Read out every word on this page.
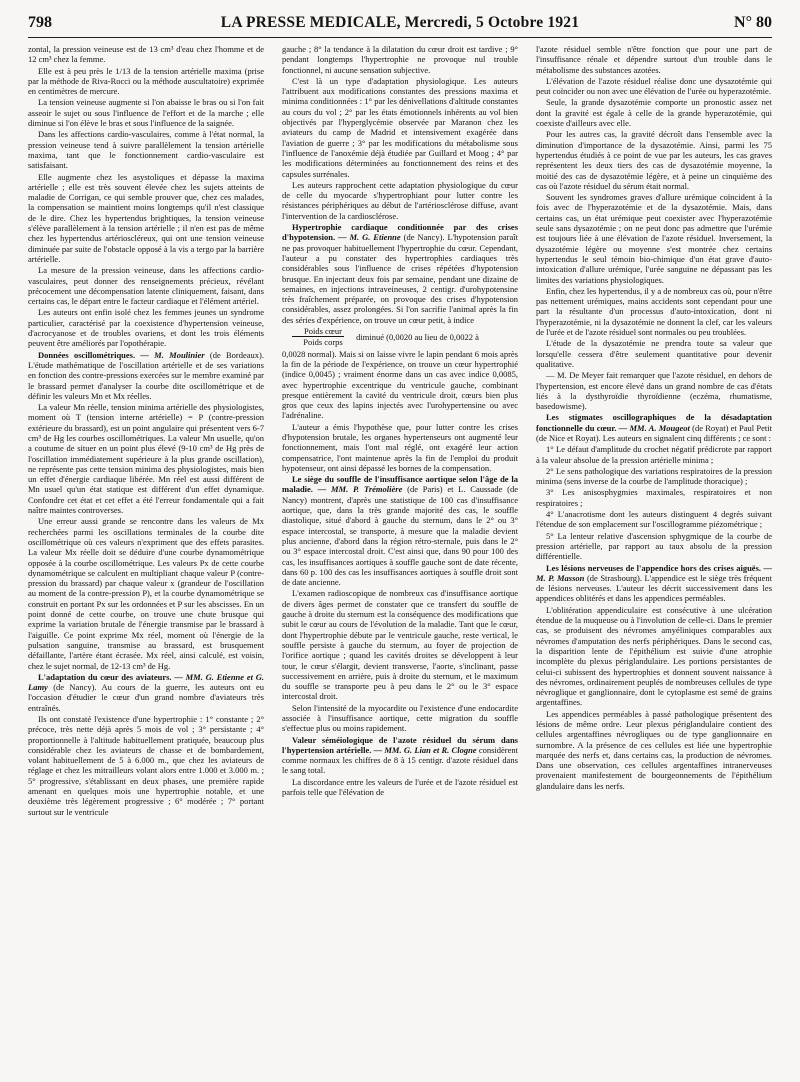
LA PRESSE MEDICALE, Mercredi, 5 Octobre 1921
798	N° 80

zontal, la pression veineuse est de 13 cm³ d'eau chez l'homme et de 12 cm³ chez la femme.

Elle est à peu près le 1/13 de la tension artérielle maxima (prise par la méthode de Riva-Rocci ou la méthode auscultatoire) exprimée en centimètres de mercure.

La tension veineuse augmente si l'on abaisse le bras ou si l'on fait asseoir le sujet ou sous l'influence de l'effort et de la marche ; elle diminue si l'on élève le bras et sous l'influence de la saignée.

Dans les affections cardio-vasculaires, comme à l'état normal, la pression veineuse tend à suivre parallèlement la tension artérielle maxima, tant que le fonctionnement cardio-vasculaire est satisfaisant.

Elle augmente chez les asystoliques et dépasse la maxima artérielle ; elle est très souvent élevée chez les sujets atteints de maladie de Corrigan, ce qui semble prouver que, chez ces malades, la compensation se maintient moins longtemps qu'il n'est classique de le dire. Chez les hypertendus brightiques, la tension veineuse s'élève parallèlement à la tension artérielle ; il n'en est pas de même chez les hypertendus artérioscléreux, qui ont une tension veineuse diminuée par suite de l'obstacle opposé à la vis a tergo par la barrière artérielle.

La mesure de la pression veineuse, dans les affections cardio-vasculaires, peut donner des renseignements précieux, révélant précocement une décompensation latente cliniquement, faisant, dans certains cas, le départ entre le facteur cardiaque et l'élément artériel.

Les auteurs ont enfin isolé chez les femmes jeunes un syndrome particulier, caractérisé par la coexistence d'hypertension veineuse, d'acrocyanose et de troubles ovariens, et dont les trois éléments peuvent être améliorés par l'opothérapie.

Données oscillométriques. — M. Moulinier (de Bordeaux). L'étude mathématique de l'oscillation artérielle et de ses variations en fonction des contre-pressions exercées sur le membre examiné par le brassard permet d'analyser la courbe dite oscillométrique et de définir les valeurs Mn et Mx réelles.

La valeur Mn réelle, tension minima artérielle des physiologistes, moment où T (tension interne artérielle) = P (contre-pression extérieure du brassard), est un point angulaire qui présentent vers 6-7 cm³ de Hg les courbes oscillométriques. La valeur Mn usuelle, qu'on a coutume de situer en un point plus élevé (9-10 cm³ de Hg près de l'oscillation immédiatement supérieure à la plus grande oscillation), ne représente pas cette tension minima des physiologistes, mais bien un effet d'énergie cardiaque libérée. Mn réel est aussi différent de Mn usuel qu'un état statique est différent d'un effet dynamique. Confondre cet état et cet effet a été l'erreur fondamentale qui a fait naître maintes controverses.

Une erreur aussi grande se rencontre dans les valeurs de Mx recherchées parmi les oscillations terminales de la courbe dite oscillométrique où ces valeurs n'expriment que des effets parasites. La valeur Mx réelle doit se déduire d'une courbe dynamométrique opposée à la courbe oscillométrique. Les valeurs Px de cette courbe dynamométrique se calculent en multipliant chaque valeur P (contre-pression du brassard) par chaque valeur x (grandeur de l'oscillation au moment de la contre-pression P), et la courbe dynamométrique se construit en portant Px sur les ordonnées et P sur les abscisses. En un point donné de cette courbe, on trouve une chute brusque qui exprime la variation brutale de l'énergie transmise par le brassard à l'aiguille. Ce point exprime Mx réel, moment où l'énergie de la pulsation sanguine, transmise au brassard, est brusquement défaillante, l'artère étant écrasée. Mx réel, ainsi calculé, est voisin, chez le sujet normal, de 12-13 cm³ de Hg.

L'adaptation du cœur des aviateurs. — MM. G. Etienne et G. Lamy (de Nancy). Au cours de la guerre, les auteurs ont eu l'occasion d'étudier le cœur d'un grand nombre d'aviateurs très entraînés.

Ils ont constaté l'existence d'une hypertrophie : 1° constante ; 2° précoce, très nette déjà après 5 mois de vol ; 3° persistante ; 4° proportionnelle à l'altitude habituellement pratiquée, beaucoup plus considérable chez les aviateurs de chasse et de bombardement, volant habituellement de 5 à 6.000 m., que chez les aviateurs de réglage et chez les mitrailleurs volant alors entre 1.000 et 3.000 m. ; 5° progressive, s'établissant en deux phases, une première rapide amenant en quelques mois une hypertrophie notable, et une deuxième très légèrement progressive ; 6° modérée ; 7° portant surtout sur le ventricule

gauche ; 8° la tendance à la dilatation du cœur droit est tardive ; 9° pendant longtemps l'hypertrophie ne provoque nul trouble fonctionnel, ni aucune sensation subjective.

C'est là un type d'adaptation physiologique. Les auteurs l'attribuent aux modifications constantes des pressions maxima et minima conditionnées : 1° par les dénivellations d'altitude constantes au cours du vol ; 2° par les états émotionnels inhérents au vol bien objectivés par l'hyperglycémie observée par Maranon chez les aviateurs du camp de Madrid et intensivement exagérée dans l'aviation de guerre ; 3° par les modifications du métabolisme sous l'influence de l'anoxémie déjà étudiée par Guillard et Moog ; 4° par les modifications déterminées au fonctionnement des reins et des capsules surrénales.

Les auteurs rapprochent cette adaptation physiologique du cœur de celle du myocarde s'hypertrophiant pour lutter contre les résistances périphériques au début de l'artériosclérose diffuse, avant l'intervention de la cardiosclérose.

Hypertrophie cardiaque conditionnée par des crises d'hypotension. — M. G. Etienne (de Nancy). L'hypotension paraît ne pas provoquer habituellement l'hypertrophie du cœur. Cependant, l'auteur a pu constater des hypertrophies cardiaques très considérables sous l'influence de crises répétées d'hypotension brusque. En injectant deux fois par semaine, pendant une dizaine de semaines, en injections intraveineuses, 2 centigr. d'urohypotensine très fraîchement préparée, on provoque des crises d'hypotension considérables, assez prolongées. Si l'on sacrifie l'animal après la fin des séries d'expérience, on trouve un cœur petit, à indice

Poids cœur
Poids corps
diminué (0,0020 au lieu de 0,0022 à

0,0028 normal). Mais si on laisse vivre le lapin pendant 6 mois après la fin de la période de l'expérience, on trouve un cœur hypertrophié (indice 0,0045) ; vraiment énorme dans un cas avec indice 0,0085, avec hypertrophie excentrique du ventricule gauche, combinant presque entièrement la cavité du ventricule droit, cœurs bien plus gros que ceux des lapins injectés avec l'urohypertensine ou avec l'adrénaline.

L'auteur a émis l'hypothèse que, pour lutter contre les crises d'hypotension brutale, les organes hypertenseurs ont augmenté leur fonctionnement, mais l'ont mal réglé, ont exagéré leur action compensatrice, l'ont maintenue après la fin de l'emploi du produit hypotenseur, ont ainsi dépassé les bornes de la compensation.

Le siège du souffle de l'insuffisance aortique selon l'âge de la maladie. — MM. P. Trémolière (de Paris) et L. Caussade (de Nancy) montrent, d'après une statistique de 100 cas d'insuffisance aortique, que, dans la très grande majorité des cas, le souffle diastolique, situé d'abord à gauche du sternum, dans le 2° ou 3° espace intercostal, se transporte, à mesure que la maladie devient plus ancienne, d'abord dans la région rétro-sternale, puis dans le 2° ou 3° espace intercostal droit. C'est ainsi que, dans 90 pour 100 des cas, les insuffisances aortiques à souffle gauche sont de date récente, dans 60 p. 100 des cas les insuffisances aortiques à souffle droit sont de date ancienne.

L'examen radioscopique de nombreux cas d'insuffisance aortique de divers âges permet de constater que ce transfert du souffle de gauche à droite du sternum est la conséquence des modifications que subit le cœur au cours de l'évolution de la maladie. Tant que le cœur, dont l'hypertrophie débute par le ventricule gauche, reste vertical, le souffle persiste à gauche du sternum, au foyer de projection de l'orifice aortique ; quand les cavités droites se développent à leur tour, le cœur s'élargit, devient transverse, l'aorte, s'inclinant, passe successivement en arrière, puis à droite du sternum, et le maximum du souffle se transporte peu à peu dans le 2° ou le 3° espace intercostal droit.

Selon l'intensité de la myocardite ou l'existence d'une endocardite associée à l'insuffisance aortique, cette migration du souffle s'effectue plus ou moins rapidement.

Valeur séméiologique de l'azote résiduel du sérum dans l'hypertension artérielle. — MM. G. Lian et R. Clogne considèrent comme normaux les chiffres de 8 à 15 centigr. d'azote résiduel dans le sang total.

La discordance entre les valeurs de l'urée et de l'azote résiduel est parfois telle que l'élévation de

l'azote résiduel semble n'être fonction que pour une part de l'insuffisance rénale et dépendre surtout d'un trouble dans le métabolisme des substances azotées.

L'élévation de l'azote résiduel réalise donc une dysazotémie qui peut coïncider ou non avec une élévation de l'urée ou hyperazotémie.

Seule, la grande dysazotémie comporte un pronostic assez net dont la gravité est égale à celle de la grande hyperazotémie, qui coexiste d'ailleurs avec elle.

Pour les autres cas, la gravité décroît dans l'ensemble avec la diminution d'importance de la dysazotémie. Ainsi, parmi les 75 hypertendus étudiés à ce point de vue par les auteurs, les cas graves représentent les deux tiers des cas de dysazotémie moyenne, la moitié des cas de dysazotémie légère, et à peine un cinquième des cas où l'azote résiduel du sérum était normal.

Souvent les syndromes graves d'allure urémique coïncident à la fois avec de l'hyperazotémie et de la dysazotémie. Mais, dans certains cas, un état urémique peut coexister avec l'hyperazotémie seule sans dysazotémie ; on ne peut donc pas admettre que l'urémie est toujours liée à une élévation de l'azote résiduel. Inversement, la dysazotémie légère ou moyenne s'est montrée chez certains hypertendus le seul témoin bio-chimique d'un état grave d'auto-intoxication d'allure urémique, l'urée sanguine ne dépassant pas les limites des variations physiologiques.

Enfin, chez les hypertendus, il y a de nombreux cas où, pour n'être pas nettement urémiques, mains accidents sont cependant pour une part la résultante d'un processus d'auto-intoxication, dont ni l'hyperazotémie, ni la dysazotémie ne donnent la clef, car les valeurs de l'urée et de l'azote résiduel sont normales ou peu troublées.

L'étude de la dysazotémie ne prendra toute sa valeur que lorsqu'elle cessera d'être seulement quantitative pour devenir qualitative.

— M. De Meyer fait remarquer que l'azote résiduel, en dehors de l'hypertension, est encore élevé dans un grand nombre de cas d'états liés à la dysthyroïdie thyroïdienne (eczéma, rhumatisme, basedowisme).

Les stigmates oscillographiques de la désadaptation fonctionnelle du cœur. — MM. A. Mougeot (de Royat) et Paul Petit (de Nice et Royat). Les auteurs en signalent cinq différents ; ce sont :

1° Le défaut d'amplitude du crochet négatif prédicrote par rapport à la valeur absolue de la pression artérielle minima ;

2° Le sens pathologique des variations respiratoires de la pression minima (sens inverse de la courbe de l'amplitude thoracique) ;

3° Les anisosphygmies maximales, respiratoires et non respiratoires ;

4° L'anacrotisme dont les auteurs distinguent 4 degrés suivant l'étendue de son emplacement sur l'oscillogramme piézométrique ;

5° La lenteur relative d'ascension sphygmique de la courbe de pression artérielle, par rapport au taux absolu de la pression différentielle.

Les lésions nerveuses de l'appendice hors des crises aiguës. — M. P. Masson (de Strasbourg). L'appendice est le siège très fréquent de lésions nerveuses. L'auteur les décrit successivement dans les appendices oblitérés et dans les appendices perméables.

L'oblitération appendiculaire est consécutive à une ulcération étendue de la muqueuse ou à l'involution de celle-ci. Dans le premier cas, se produisent des névromes amyéliniques comparables aux névromes d'amputation des nerfs périphériques. Dans le second cas, la disparition lente de l'épithélium est suivie d'une atrophie incomplète du plexus périglandulaire. Les portions persistantes de celui-ci subissent des hypertrophies et donnent souvent naissance à des névromes, ordinairement peuplés de nombreuses cellules de type névroglique et ganglionnaire, dont le cytoplasme est semé de grains argentaffines.

Les appendices perméables à passé pathologique présentent des lésions de même ordre. Leur plexus périglandulaire contient des cellules argentaffines névrogliques ou de type ganglionnaire en surnombre. A la présence de ces cellules est liée une hypertrophie marquée des nerfs et, dans certains cas, la production de névromes. Dans une observation, ces cellules argentaffines intranerveuses provenaient manifestement de bourgeonnements de l'épithélium glandulaire dans les nerfs.
